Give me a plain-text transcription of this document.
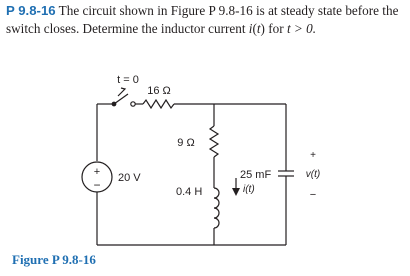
P 9.8-16 The circuit shown in Figure P 9.8-16 is at steady state before the switch closes. Determine the inductor current i(t) for t > 0.
+
−
t = 0
16 Ω
9 Ω
20 V
0.4 H	i(t)
25 mF
+
v(t)
−
Figure P 9.8-16
